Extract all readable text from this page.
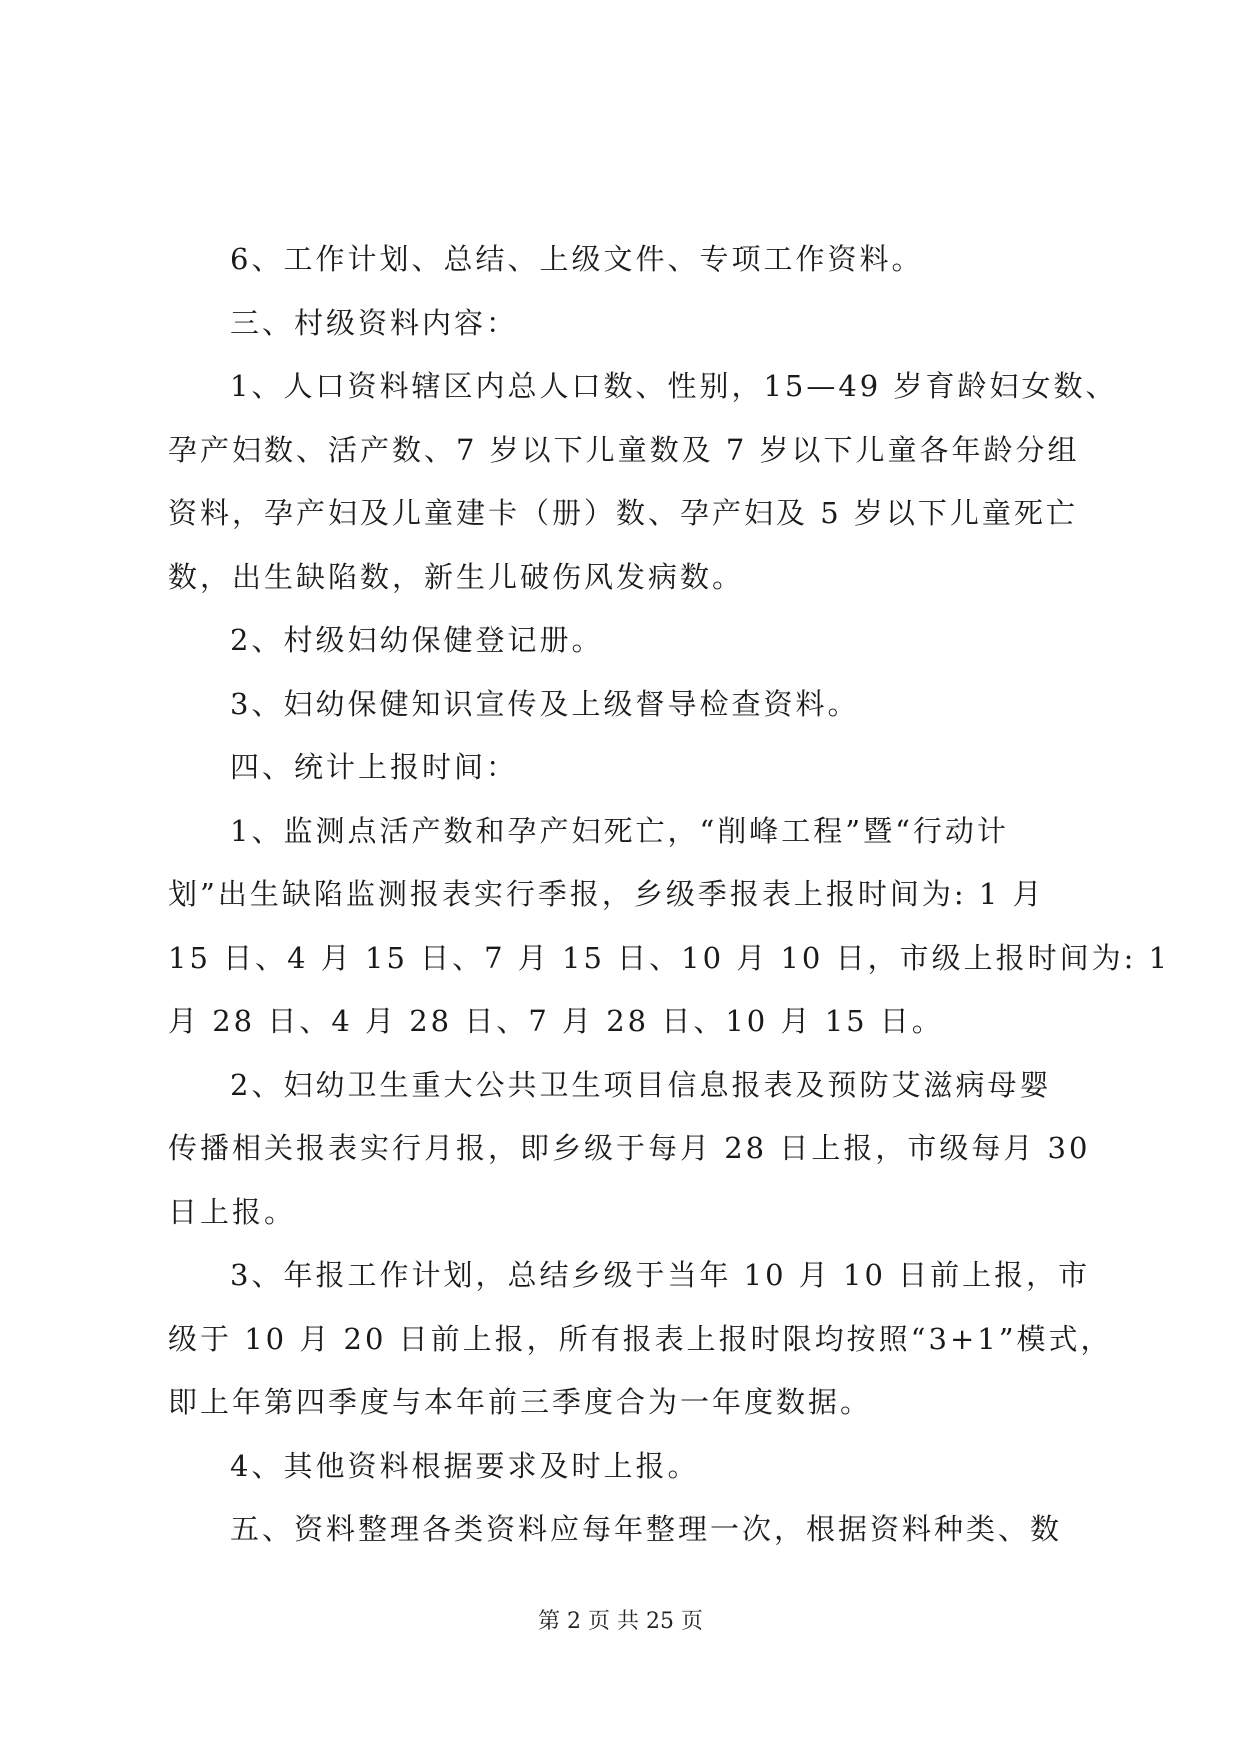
6、工作计划、总结、上级文件、专项工作资料。
三、村级资料内容：
1、人口资料辖区内总人口数、性别，15—49 岁育龄妇女数、
孕产妇数、活产数、7 岁以下儿童数及 7 岁以下儿童各年龄分组
资料，孕产妇及儿童建卡（册）数、孕产妇及 5 岁以下儿童死亡
数，出生缺陷数，新生儿破伤风发病数。
2、村级妇幼保健登记册。
3、妇幼保健知识宣传及上级督导检查资料。
四、统计上报时间：
1、监测点活产数和孕产妇死亡，“削峰工程”暨“行动计
划”出生缺陷监测报表实行季报，乡级季报表上报时间为: 1 月
15 日、4 月 15 日、7 月 15 日、10 月 10 日，市级上报时间为: 1
月 28 日、4 月 28 日、7 月 28 日、10 月 15 日。
2、妇幼卫生重大公共卫生项目信息报表及预防艾滋病母婴
传播相关报表实行月报，即乡级于每月 28 日上报，市级每月 30
日上报。
3、年报工作计划，总结乡级于当年 10 月 10 日前上报，市
级于 10 月 20 日前上报，所有报表上报时限均按照“3+1”模式，
即上年第四季度与本年前三季度合为一年度数据。
4、其他资料根据要求及时上报。
五、资料整理各类资料应每年整理一次，根据资料种类、数
第 2 页 共 25 页
